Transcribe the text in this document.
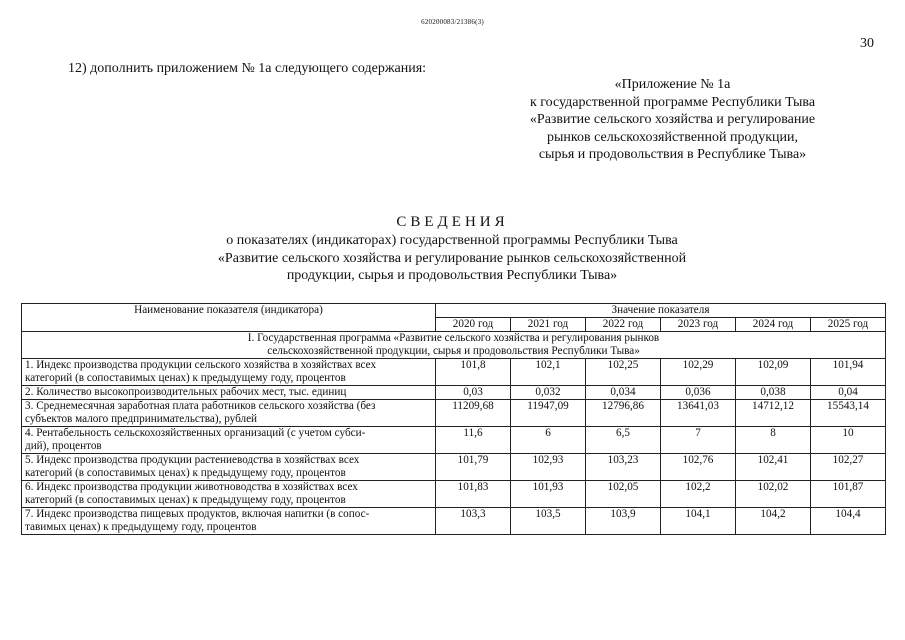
620200083/21386(3)
30
12) дополнить приложением № 1а следующего содержания:
«Приложение № 1а
к государственной программе Республики Тыва
«Развитие сельского хозяйства и регулирование
рынков сельскохозяйственной продукции,
сырья и продовольствия в Республике Тыва»
СВЕДЕНИЯ
о показателях (индикаторах) государственной программы Республики Тыва
«Развитие сельского хозяйства и регулирование рынков сельскохозяйственной
продукции, сырья и продовольствия Республики Тыва»
Наименование показателя (индикатора)	Значение показателя					
	2020 год	2021 год	2022 год	2023 год	2024 год	2025 год

I. Государственная программа «Развитие сельского хозяйства и регулирования рынков
сельскохозяйственной продукции, сырья и продовольствия Республики Тыва»						

1. Индекс производства продукции сельского хозяйства в хозяйствах всех
категорий (в сопоставимых ценах) к предыдущему году, процентов	101,8	102,1	102,25	102,29	102,09	101,94

2. Количество высокопроизводительных рабочих мест, тыс. единиц	0,03	0,032	0,034	0,036	0,038	0,04

3. Среднемесячная заработная плата работников сельского хозяйства (без
субъектов малого предпринимательства), рублей	11209,68	11947,09	12796,86	13641,03	14712,12	15543,14

4. Рентабельность сельскохозяйственных организаций (с учетом субси-
дий), процентов	11,6	6	6,5	7	8	10

5. Индекс производства продукции растениеводства в хозяйствах всех
категорий (в сопоставимых ценах) к предыдущему году, процентов	101,79	102,93	103,23	102,76	102,41	102,27

6. Индекс производства продукции животноводства в хозяйствах всех
категорий (в сопоставимых ценах) к предыдущему году, процентов	101,83	101,93	102,05	102,2	102,02	101,87

7. Индекс производства пищевых продуктов, включая напитки (в сопос-
тавимых ценах) к предыдущему году, процентов	103,3	103,5	103,9	104,1	104,2	104,4
